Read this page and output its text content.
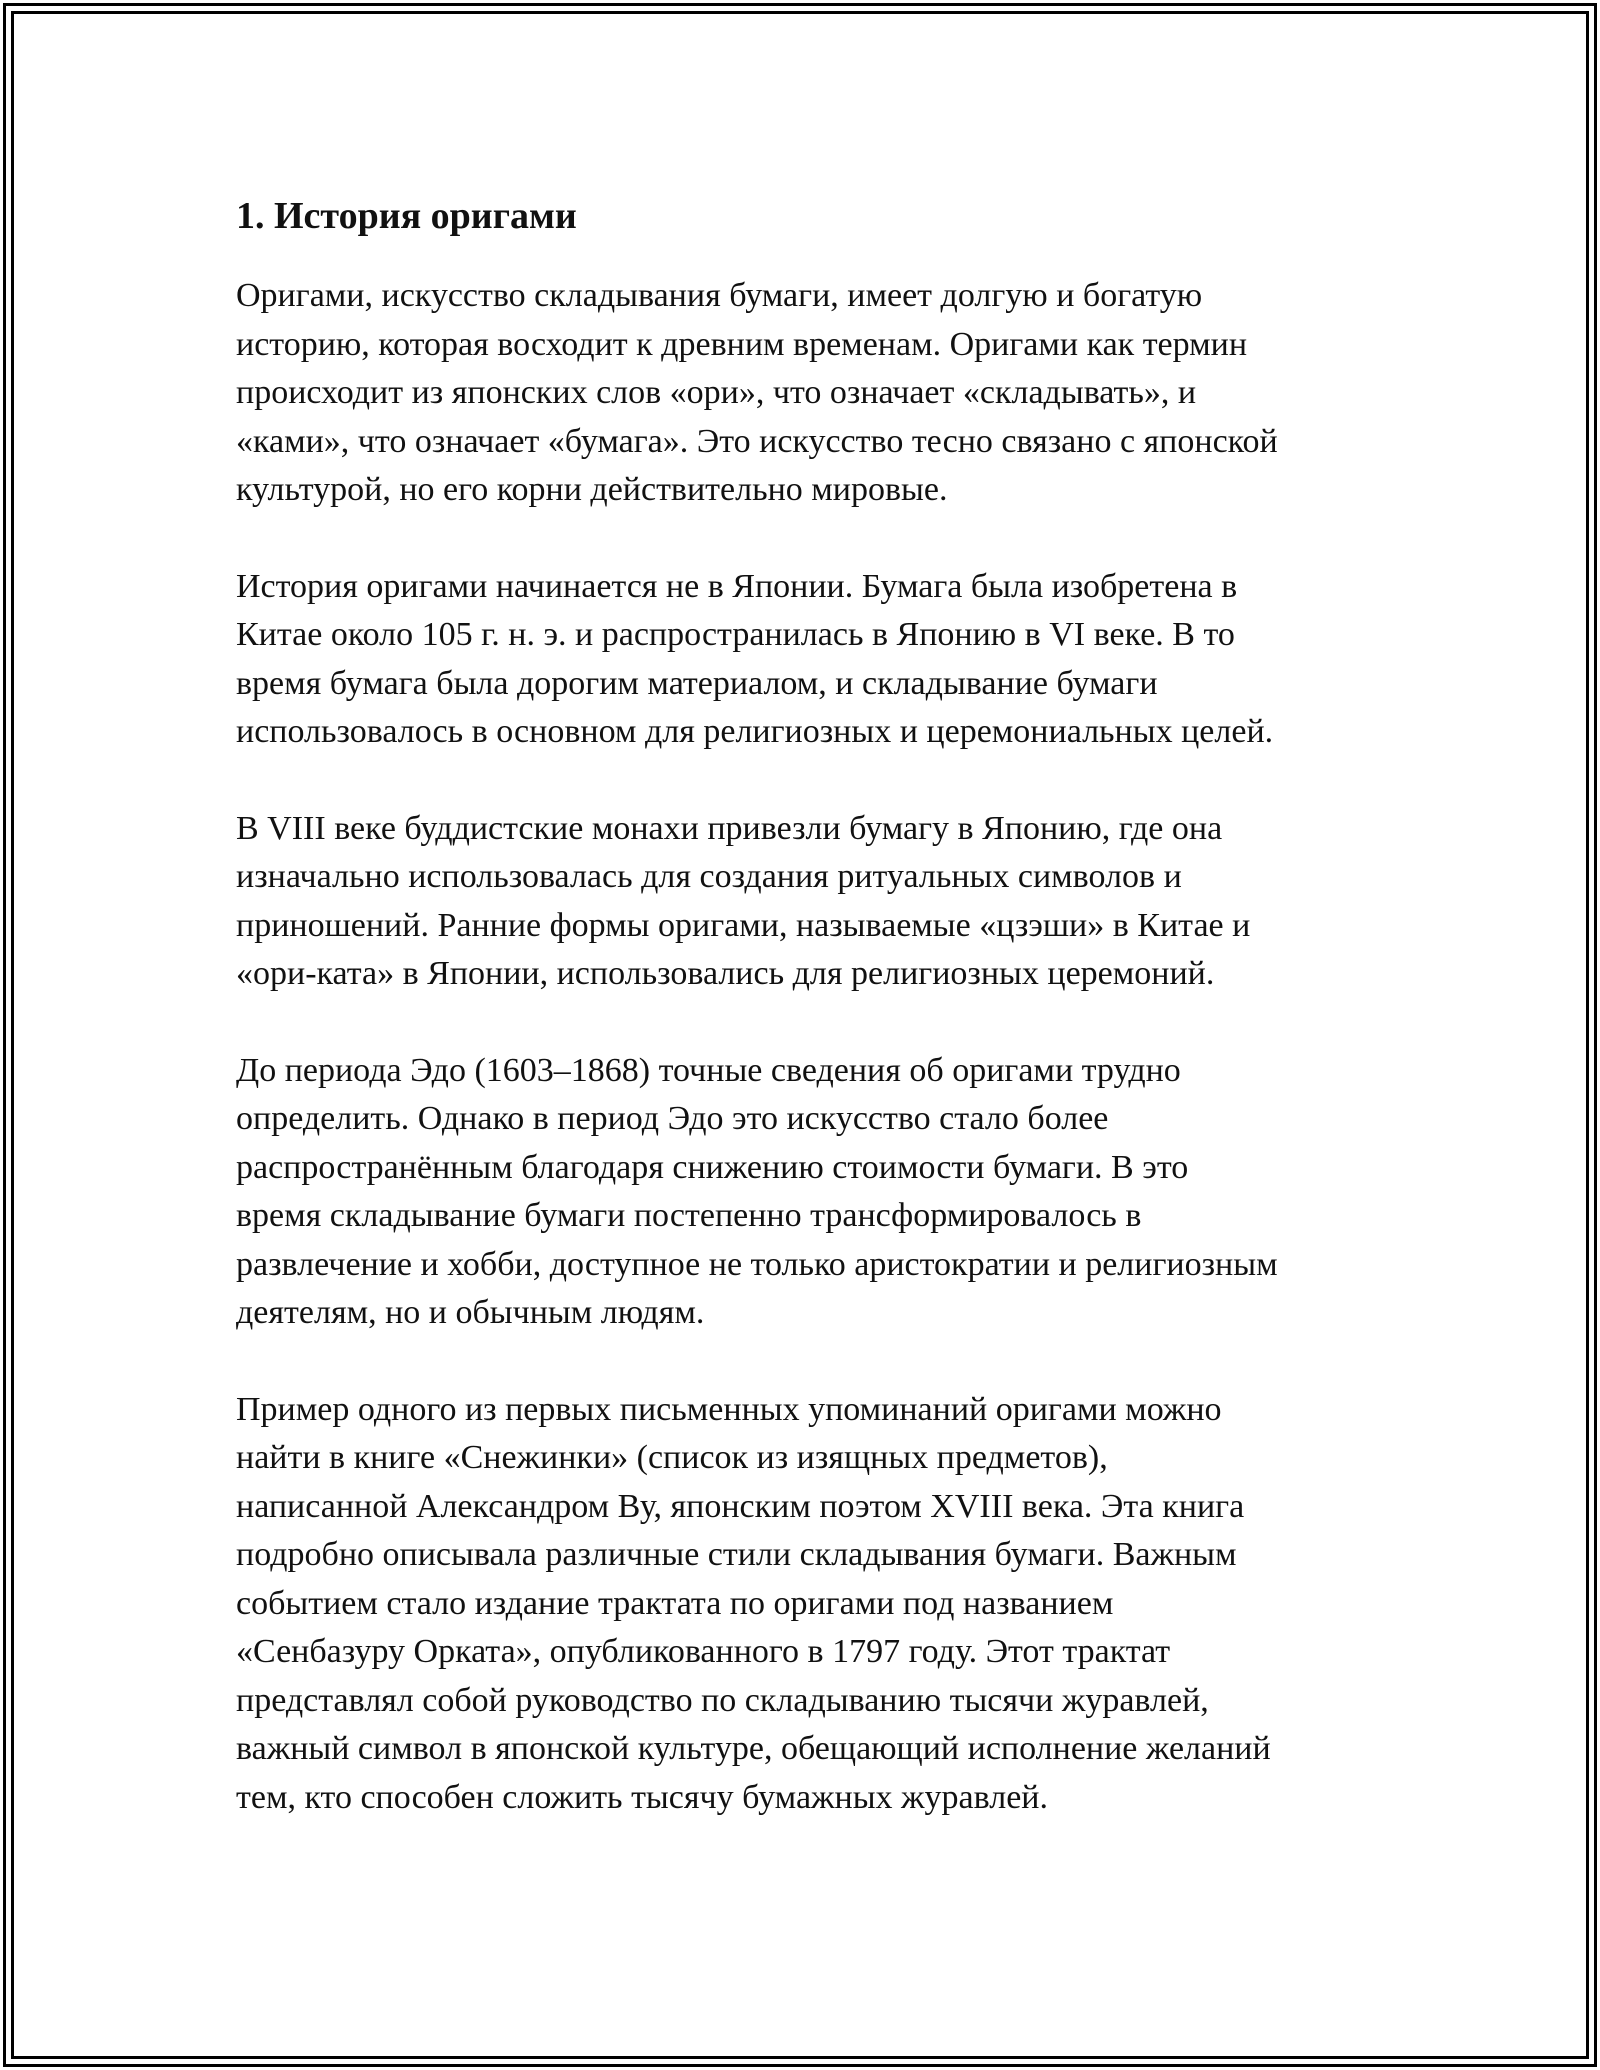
1. История оригами

Оригами, искусство складывания бумаги, имеет долгую и богатую
историю, которая восходит к древним временам. Оригами как термин
происходит из японских слов «ори», что означает «складывать», и
«ками», что означает «бумага». Это искусство тесно связано с японской
культурой, но его корни действительно мировые.

История оригами начинается не в Японии. Бумага была изобретена в
Китае около 105 г. н. э. и распространилась в Японию в VI веке. В то
время бумага была дорогим материалом, и складывание бумаги
использовалось в основном для религиозных и церемониальных целей.

В VIII веке буддистские монахи привезли бумагу в Японию, где она
изначально использовалась для создания ритуальных символов и
приношений. Ранние формы оригами, называемые «цзэши» в Китае и
«ори-ката» в Японии, использовались для религиозных церемоний.

До периода Эдо (1603–1868) точные сведения об оригами трудно
определить. Однако в период Эдо это искусство стало более
распространённым благодаря снижению стоимости бумаги. В это
время складывание бумаги постепенно трансформировалось в
развлечение и хобби, доступное не только аристократии и религиозным
деятелям, но и обычным людям.

Пример одного из первых письменных упоминаний оригами можно
найти в книге «Снежинки» (список из изящных предметов),
написанной Александром Ву, японским поэтом XVIII века. Эта книга
подробно описывала различные стили складывания бумаги. Важным
событием стало издание трактата по оригами под названием
«Сенбазуру Орката», опубликованного в 1797 году. Этот трактат
представлял собой руководство по складыванию тысячи журавлей,
важный символ в японской культуре, обещающий исполнение желаний
тем, кто способен сложить тысячу бумажных журавлей.
